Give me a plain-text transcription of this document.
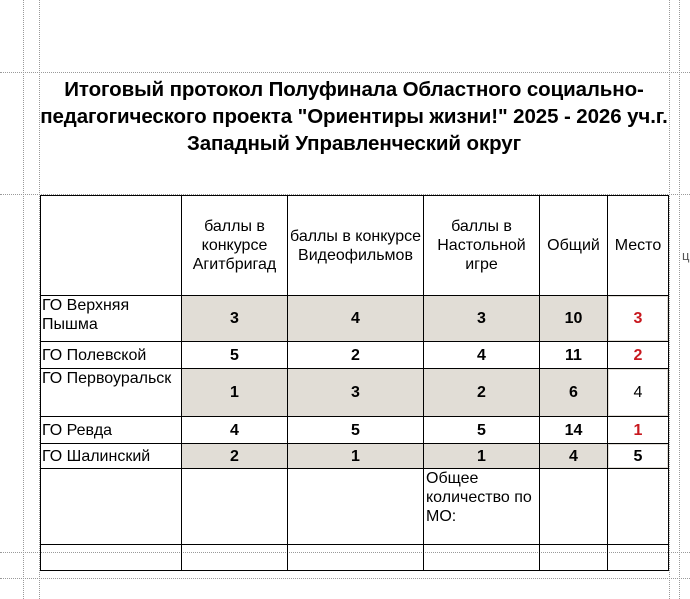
ц
Итоговый протокол Полуфинала Областного социально-педагогического проекта "Ориентиры жизни!" 2025 - 2026 уч.г. Западный Управленческий округ
	баллы в конкурсе Агитбригад	баллы в конкурсе Видеофильмов	баллы в Настольной игре	Общий	Место
ГО Верхняя Пышма	3	4	3	10	3
ГО Полевской	5	2	4	11	2
ГО Первоуральск	1	3	2	6	4
ГО Ревда	4	5	5	14	1
ГО Шалинский	2	1	1	4	5
			Общее количество по МО:		
